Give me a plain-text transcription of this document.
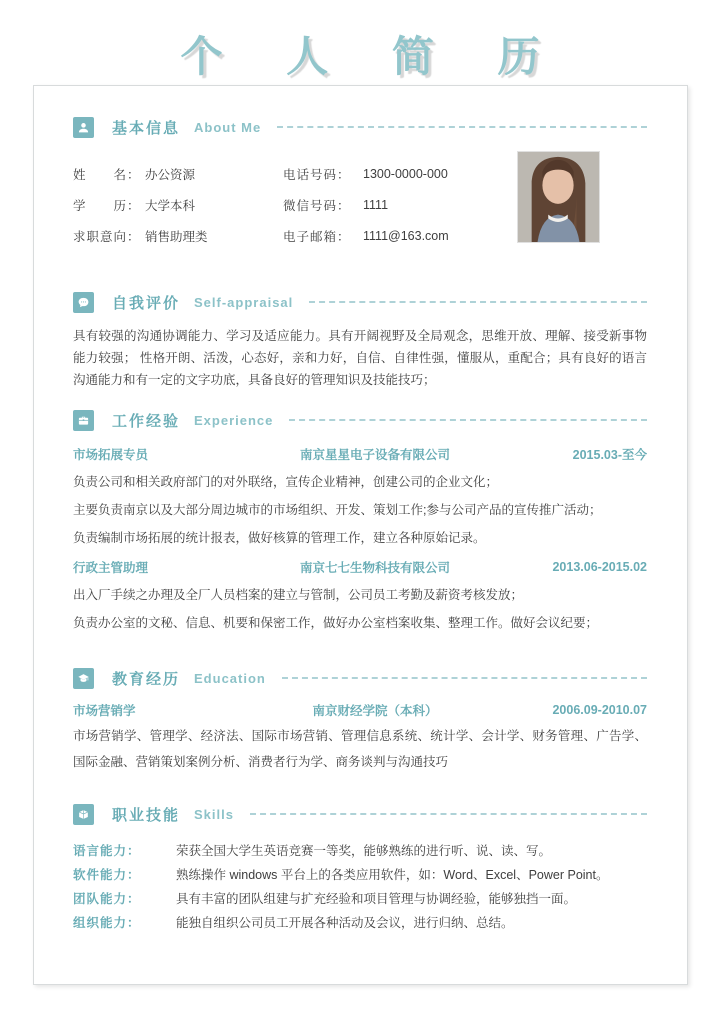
个 人 简 历
基本信息 About Me
姓　　名： 办公资源	电话号码： 1300-0000-000
学　　历： 大学本科	微信号码： 1111
求职意向： 销售助理类	电子邮箱： 1111@163.com
自我评价 Self-appraisal
具有较强的沟通协调能力、学习及适应能力。具有开阔视野及全局观念，思维开放、理解、接受新事物能力较强； 性格开朗、活泼，心态好，亲和力好，自信、自律性强，懂服从，重配合；具有良好的语言沟通能力和有一定的文字功底，具备良好的管理知识及技能技巧；
工作经验 Experience
市场拓展专员	南京星星电子设备有限公司	2015.03-至今
负责公司和相关政府部门的对外联络，宣传企业精神，创建公司的企业文化；
主要负责南京以及大部分周边城市的市场组织、开发、策划工作;参与公司产品的宣传推广活动；
负责编制市场拓展的统计报表，做好核算的管理工作，建立各种原始记录。
行政主管助理	南京七七生物科技有限公司	2013.06-2015.02
出入厂手续之办理及全厂人员档案的建立与管制，公司员工考勤及薪资考核发放；
负责办公室的文秘、信息、机要和保密工作，做好办公室档案收集、整理工作。做好会议纪要；
教育经历 Education
市场营销学	南京财经学院（本科）	2006.09-2010.07
市场营销学、管理学、经济法、国际市场营销、管理信息系统、统计学、会计学、财务管理、广告学、国际金融、营销策划案例分析、消费者行为学、商务谈判与沟通技巧
职业技能 Skills
语言能力：	荣获全国大学生英语竞赛一等奖，能够熟练的进行听、说、读、写。
软件能力：	熟练操作 windows 平台上的各类应用软件，如：Word、Excel、Power Point。
团队能力：	具有丰富的团队组建与扩充经验和项目管理与协调经验，能够独挡一面。
组织能力：	能独自组织公司员工开展各种活动及会议，进行归纳、总结。
